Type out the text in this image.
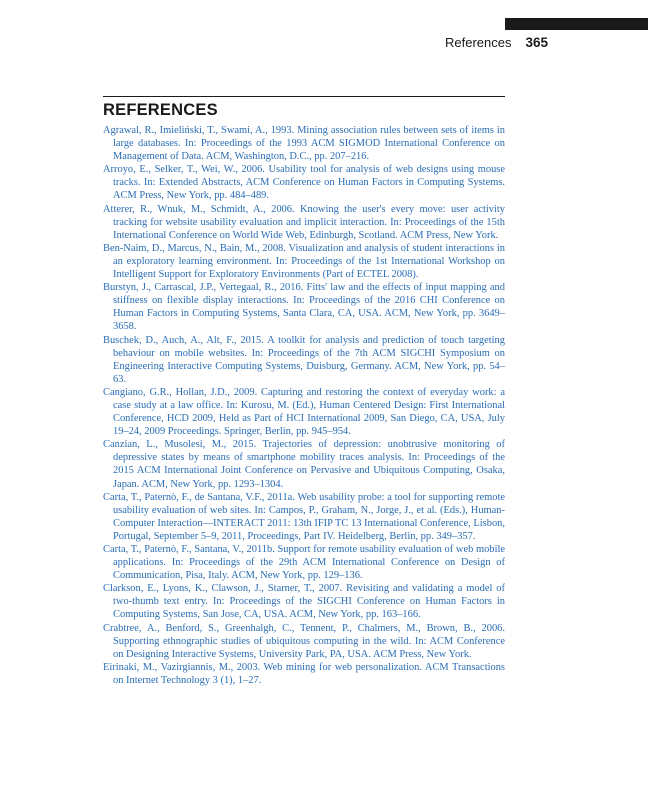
References 365
REFERENCES
Agrawal, R., Imieliński, T., Swami, A., 1993. Mining association rules between sets of items in large databases. In: Proceedings of the 1993 ACM SIGMOD International Conference on Management of Data. ACM, Washington, D.C., pp. 207–216.
Arroyo, E., Selker, T., Wei, W., 2006. Usability tool for analysis of web designs using mouse tracks. In: Extended Abstracts, ACM Conference on Human Factors in Computing Systems. ACM Press, New York, pp. 484–489.
Atterer, R., Wnuk, M., Schmidt, A., 2006. Knowing the user's every move: user activity tracking for website usability evaluation and implicit interaction. In: Proceedings of the 15th International Conference on World Wide Web, Edinburgh, Scotland. ACM Press, New York.
Ben-Naim, D., Marcus, N., Bain, M., 2008. Visualization and analysis of student interactions in an exploratory learning environment. In: Proceedings of the 1st International Workshop on Intelligent Support for Exploratory Environments (Part of ECTEL 2008).
Burstyn, J., Carrascal, J.P., Vertegaal, R., 2016. Fitts' law and the effects of input mapping and stiffness on flexible display interactions. In: Proceedings of the 2016 CHI Conference on Human Factors in Computing Systems, Santa Clara, CA, USA. ACM, New York, pp. 3649–3658.
Buschek, D., Auch, A., Alt, F., 2015. A toolkit for analysis and prediction of touch targeting behaviour on mobile websites. In: Proceedings of the 7th ACM SIGCHI Symposium on Engineering Interactive Computing Systems, Duisburg, Germany. ACM, New York, pp. 54–63.
Cangiano, G.R., Hollan, J.D., 2009. Capturing and restoring the context of everyday work: a case study at a law office. In: Kurosu, M. (Ed.), Human Centered Design: First International Conference, HCD 2009, Held as Part of HCI International 2009, San Diego, CA, USA, July 19–24, 2009 Proceedings. Springer, Berlin, pp. 945–954.
Canzian, L., Musolesi, M., 2015. Trajectories of depression: unobtrusive monitoring of depressive states by means of smartphone mobility traces analysis. In: Proceedings of the 2015 ACM International Joint Conference on Pervasive and Ubiquitous Computing, Osaka, Japan. ACM, New York, pp. 1293–1304.
Carta, T., Paternò, F., de Santana, V.F., 2011a. Web usability probe: a tool for supporting remote usability evaluation of web sites. In: Campos, P., Graham, N., Jorge, J., et al. (Eds.), Human-Computer Interaction—INTERACT 2011: 13th IFIP TC 13 International Conference, Lisbon, Portugal, September 5–9, 2011, Proceedings, Part IV. Heidelberg, Berlin, pp. 349–357.
Carta, T., Paternò, F., Santana, V., 2011b. Support for remote usability evaluation of web mobile applications. In: Proceedings of the 29th ACM International Conference on Design of Communication, Pisa, Italy. ACM, New York, pp. 129–136.
Clarkson, E., Lyons, K., Clawson, J., Starner, T., 2007. Revisiting and validating a model of two-thumb text entry. In: Proceedings of the SIGCHI Conference on Human Factors in Computing Systems, San Jose, CA, USA. ACM, New York, pp. 163–166.
Crabtree, A., Benford, S., Greenhalgh, C., Tennent, P., Chalmers, M., Brown, B., 2006. Supporting ethnographic studies of ubiquitous computing in the wild. In: ACM Conference on Designing Interactive Systems, University Park, PA, USA. ACM Press, New York.
Eirinaki, M., Vazirgiannis, M., 2003. Web mining for web personalization. ACM Transactions on Internet Technology 3 (1), 1–27.
